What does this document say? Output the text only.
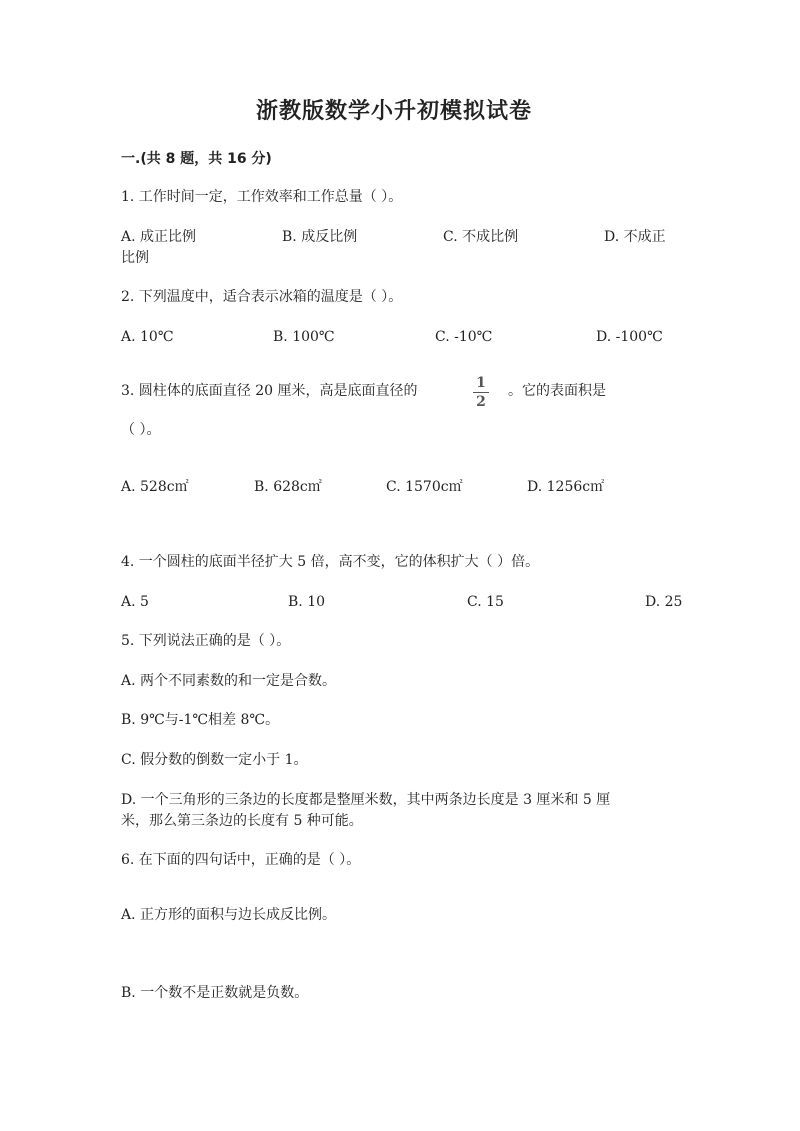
浙教版数学小升初模拟试卷
一.(共 8 题，共 16 分)
1. 工作时间一定，工作效率和工作总量（ ）。
A. 成正比例	B. 成反比例	C. 不成比例	D. 不成正
比例
2. 下列温度中，适合表示冰箱的温度是（ ）。
A. 10℃	B. 100℃	C. -10℃	D. -100℃
3. 圆柱体的底面直径 20 厘米，高是底面直径的	1
2
。它的表面积是
（ ）。
A. 528c㎡	B. 628c㎡	C. 1570c㎡	D. 1256c㎡
4. 一个圆柱的底面半径扩大 5 倍，高不变，它的体积扩大（ ）倍。
A. 5	B. 10	C. 15	D. 25
5. 下列说法正确的是（ ）。
A. 两个不同素数的和一定是合数。
B. 9℃与-1℃相差 8℃。
C. 假分数的倒数一定小于 1。
D. 一个三角形的三条边的长度都是整厘米数，其中两条边长度是 3 厘米和 5 厘
米，那么第三条边的长度有 5 种可能。
6. 在下面的四句话中，正确的是（ ）。
A. 正方形的面积与边长成反比例。
B. 一个数不是正数就是负数。
